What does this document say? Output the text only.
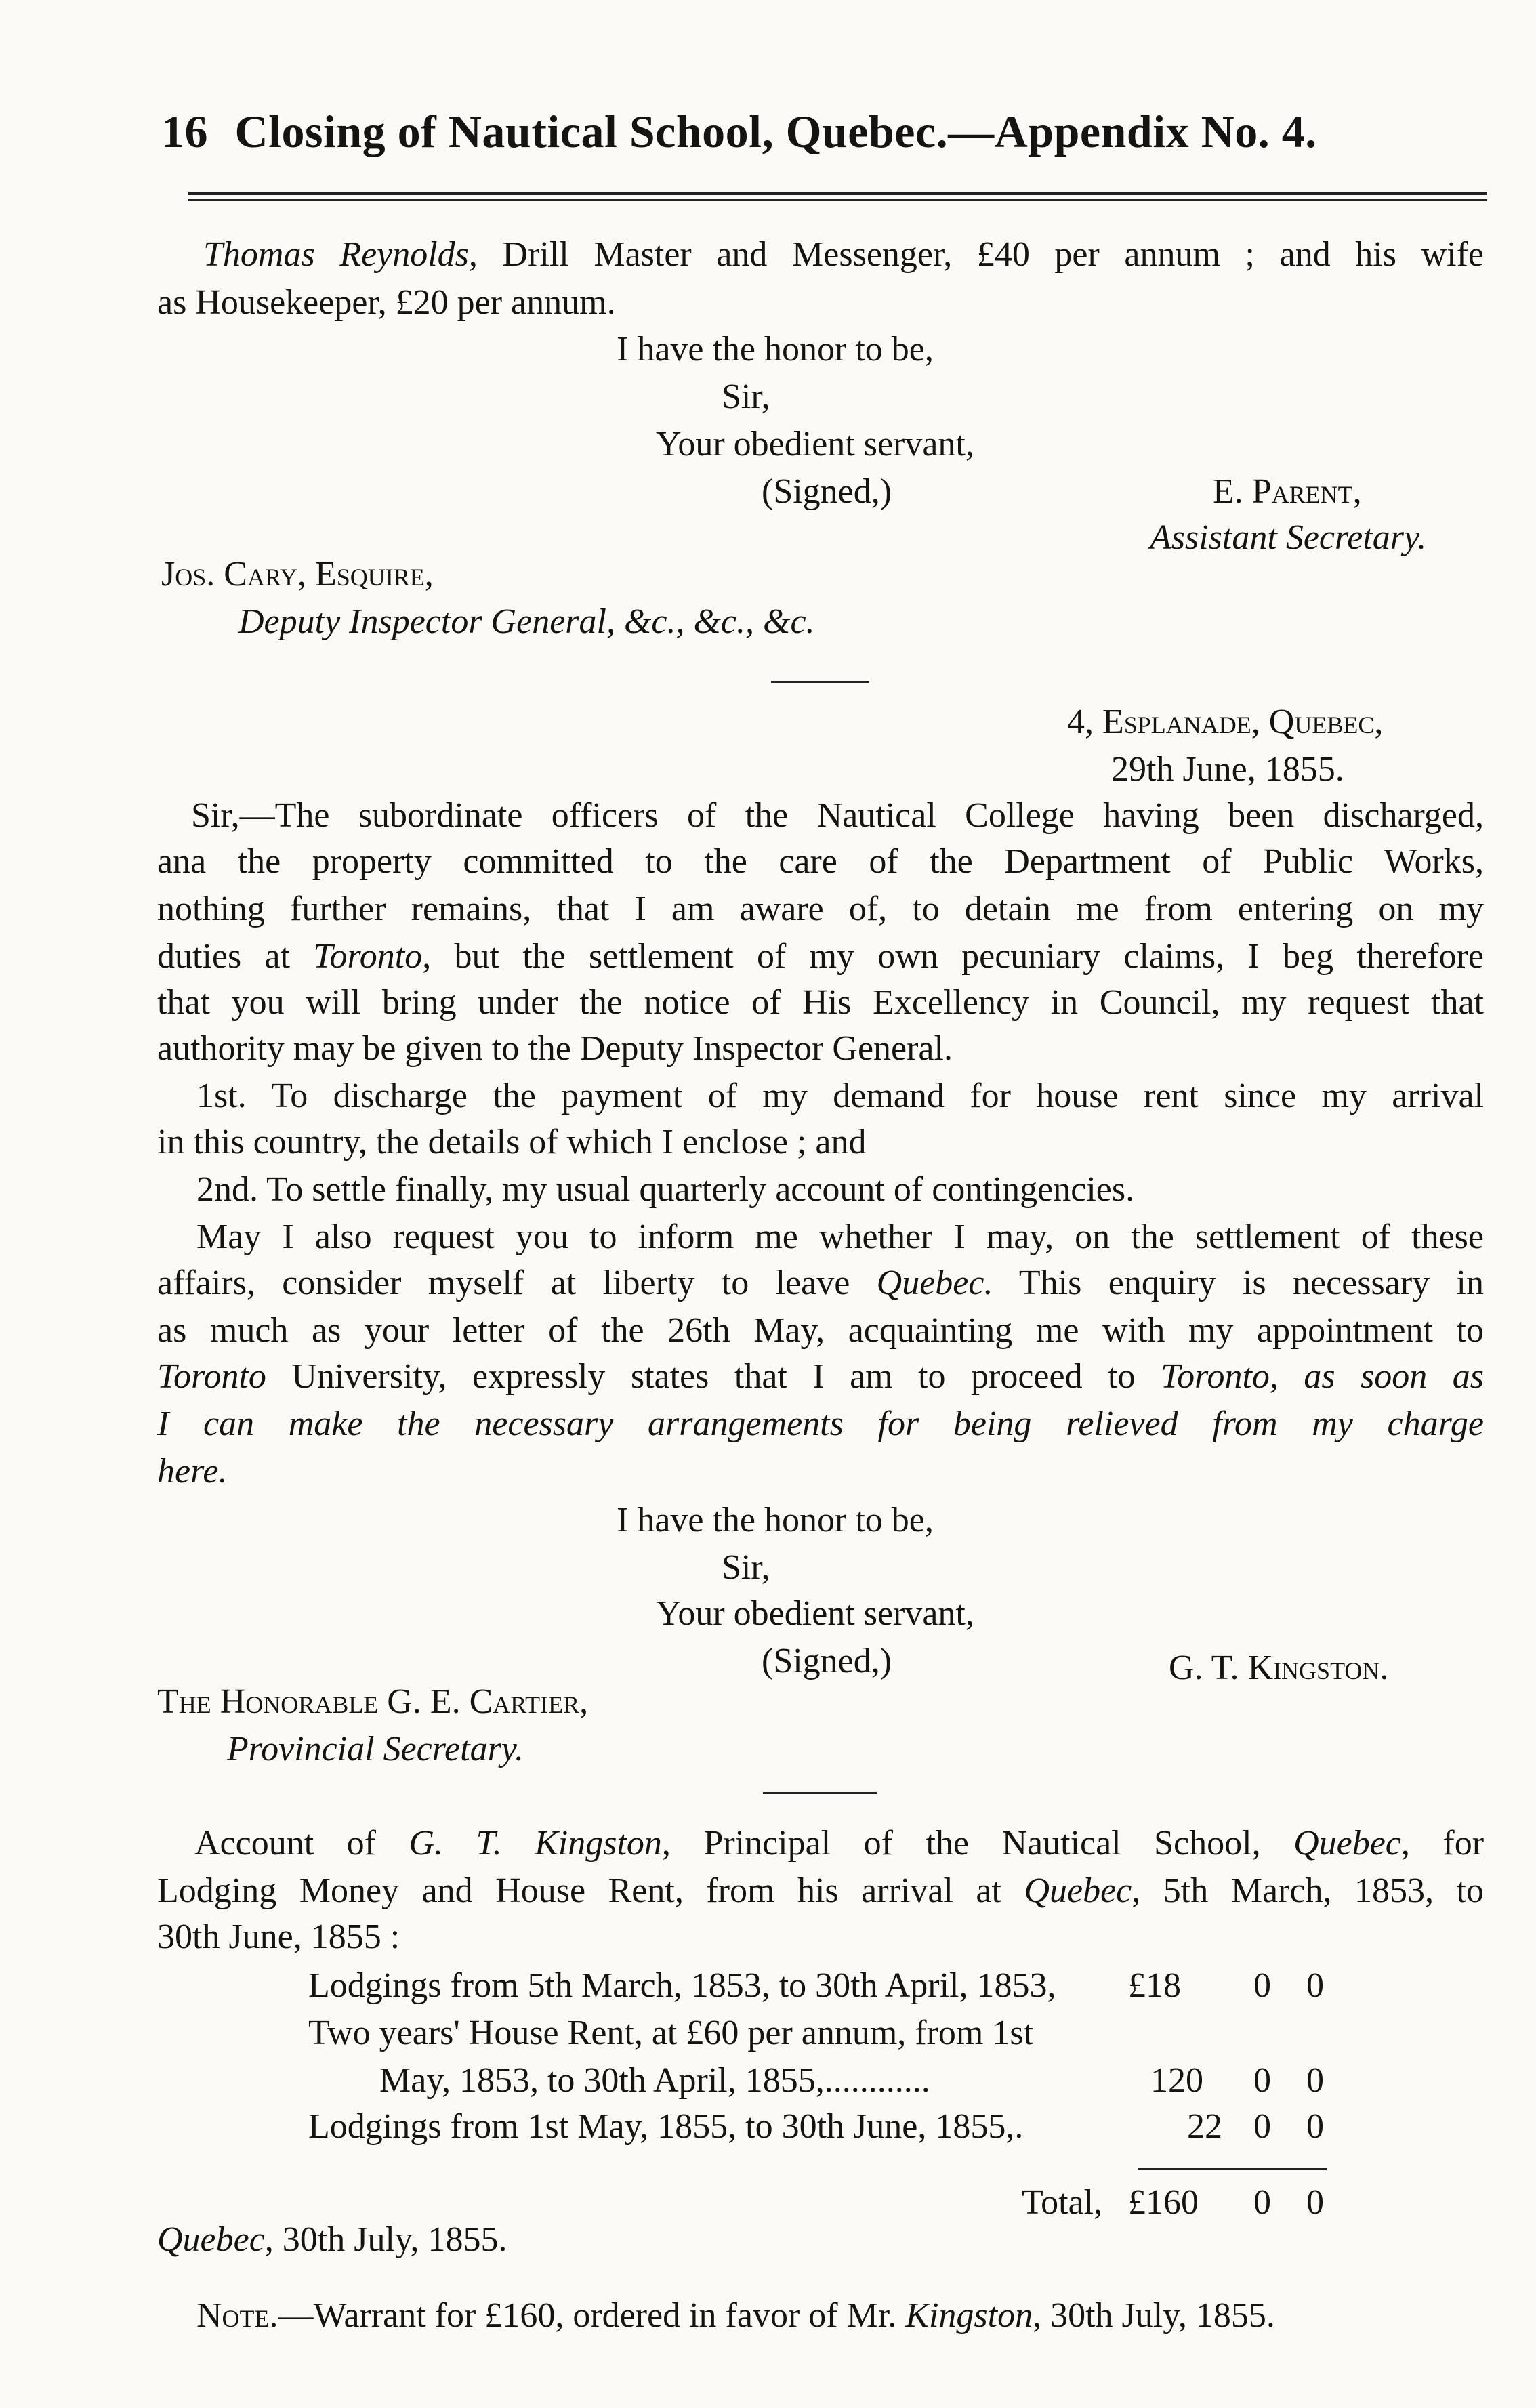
16 Closing of Nautical School, Quebec.—Appendix No. 4.
Thomas Reynolds, Drill Master and Messenger, £40 per annum ; and his wife
as Housekeeper, £20 per annum.
I have the honor to be,
Sir,
Your obedient servant,
(Signed,)	E. Parent,
Assistant Secretary.
Jos. Cary, Esquire,
Deputy Inspector General, &c., &c., &c.
4, Esplanade, Quebec,
29th June, 1855.
Sir,—The subordinate officers of the Nautical College having been discharged,
ana the property committed to the care of the Department of Public Works,
nothing further remains, that I am aware of, to detain me from entering on my
duties at Toronto, but the settlement of my own pecuniary claims, I beg therefore
that you will bring under the notice of His Excellency in Council, my request that
authority may be given to the Deputy Inspector General.
1st. To discharge the payment of my demand for house rent since my arrival
in this country, the details of which I enclose ; and
2nd. To settle finally, my usual quarterly account of contingencies.
May I also request you to inform me whether I may, on the settlement of these
affairs, consider myself at liberty to leave Quebec. This enquiry is necessary in
as much as your letter of the 26th May, acquainting me with my appointment to
Toronto University, expressly states that I am to proceed to Toronto, as soon as
I can make the necessary arrangements for being relieved from my charge
here.
I have the honor to be,
Sir,
Your obedient servant,
(Signed,)	G. T. Kingston.
The Honorable G. E. Cartier,
Provincial Secretary.
Account of G. T. Kingston, Principal of the Nautical School, Quebec, for
Lodging Money and House Rent, from his arrival at Quebec, 5th March, 1853, to
30th June, 1855 :
Lodgings from 5th March, 1853, to 30th April, 1853, £18 0 0
Two years' House Rent, at £60 per annum, from 1st
May, 1853, to 30th April, 1855,............	120 0 0
Lodgings from 1st May, 1855, to 30th June, 1855,.	22 0 0
Total, £160 0 0
Quebec, 30th July, 1855.
Note.—Warrant for £160, ordered in favor of Mr. Kingston, 30th July, 1855.
